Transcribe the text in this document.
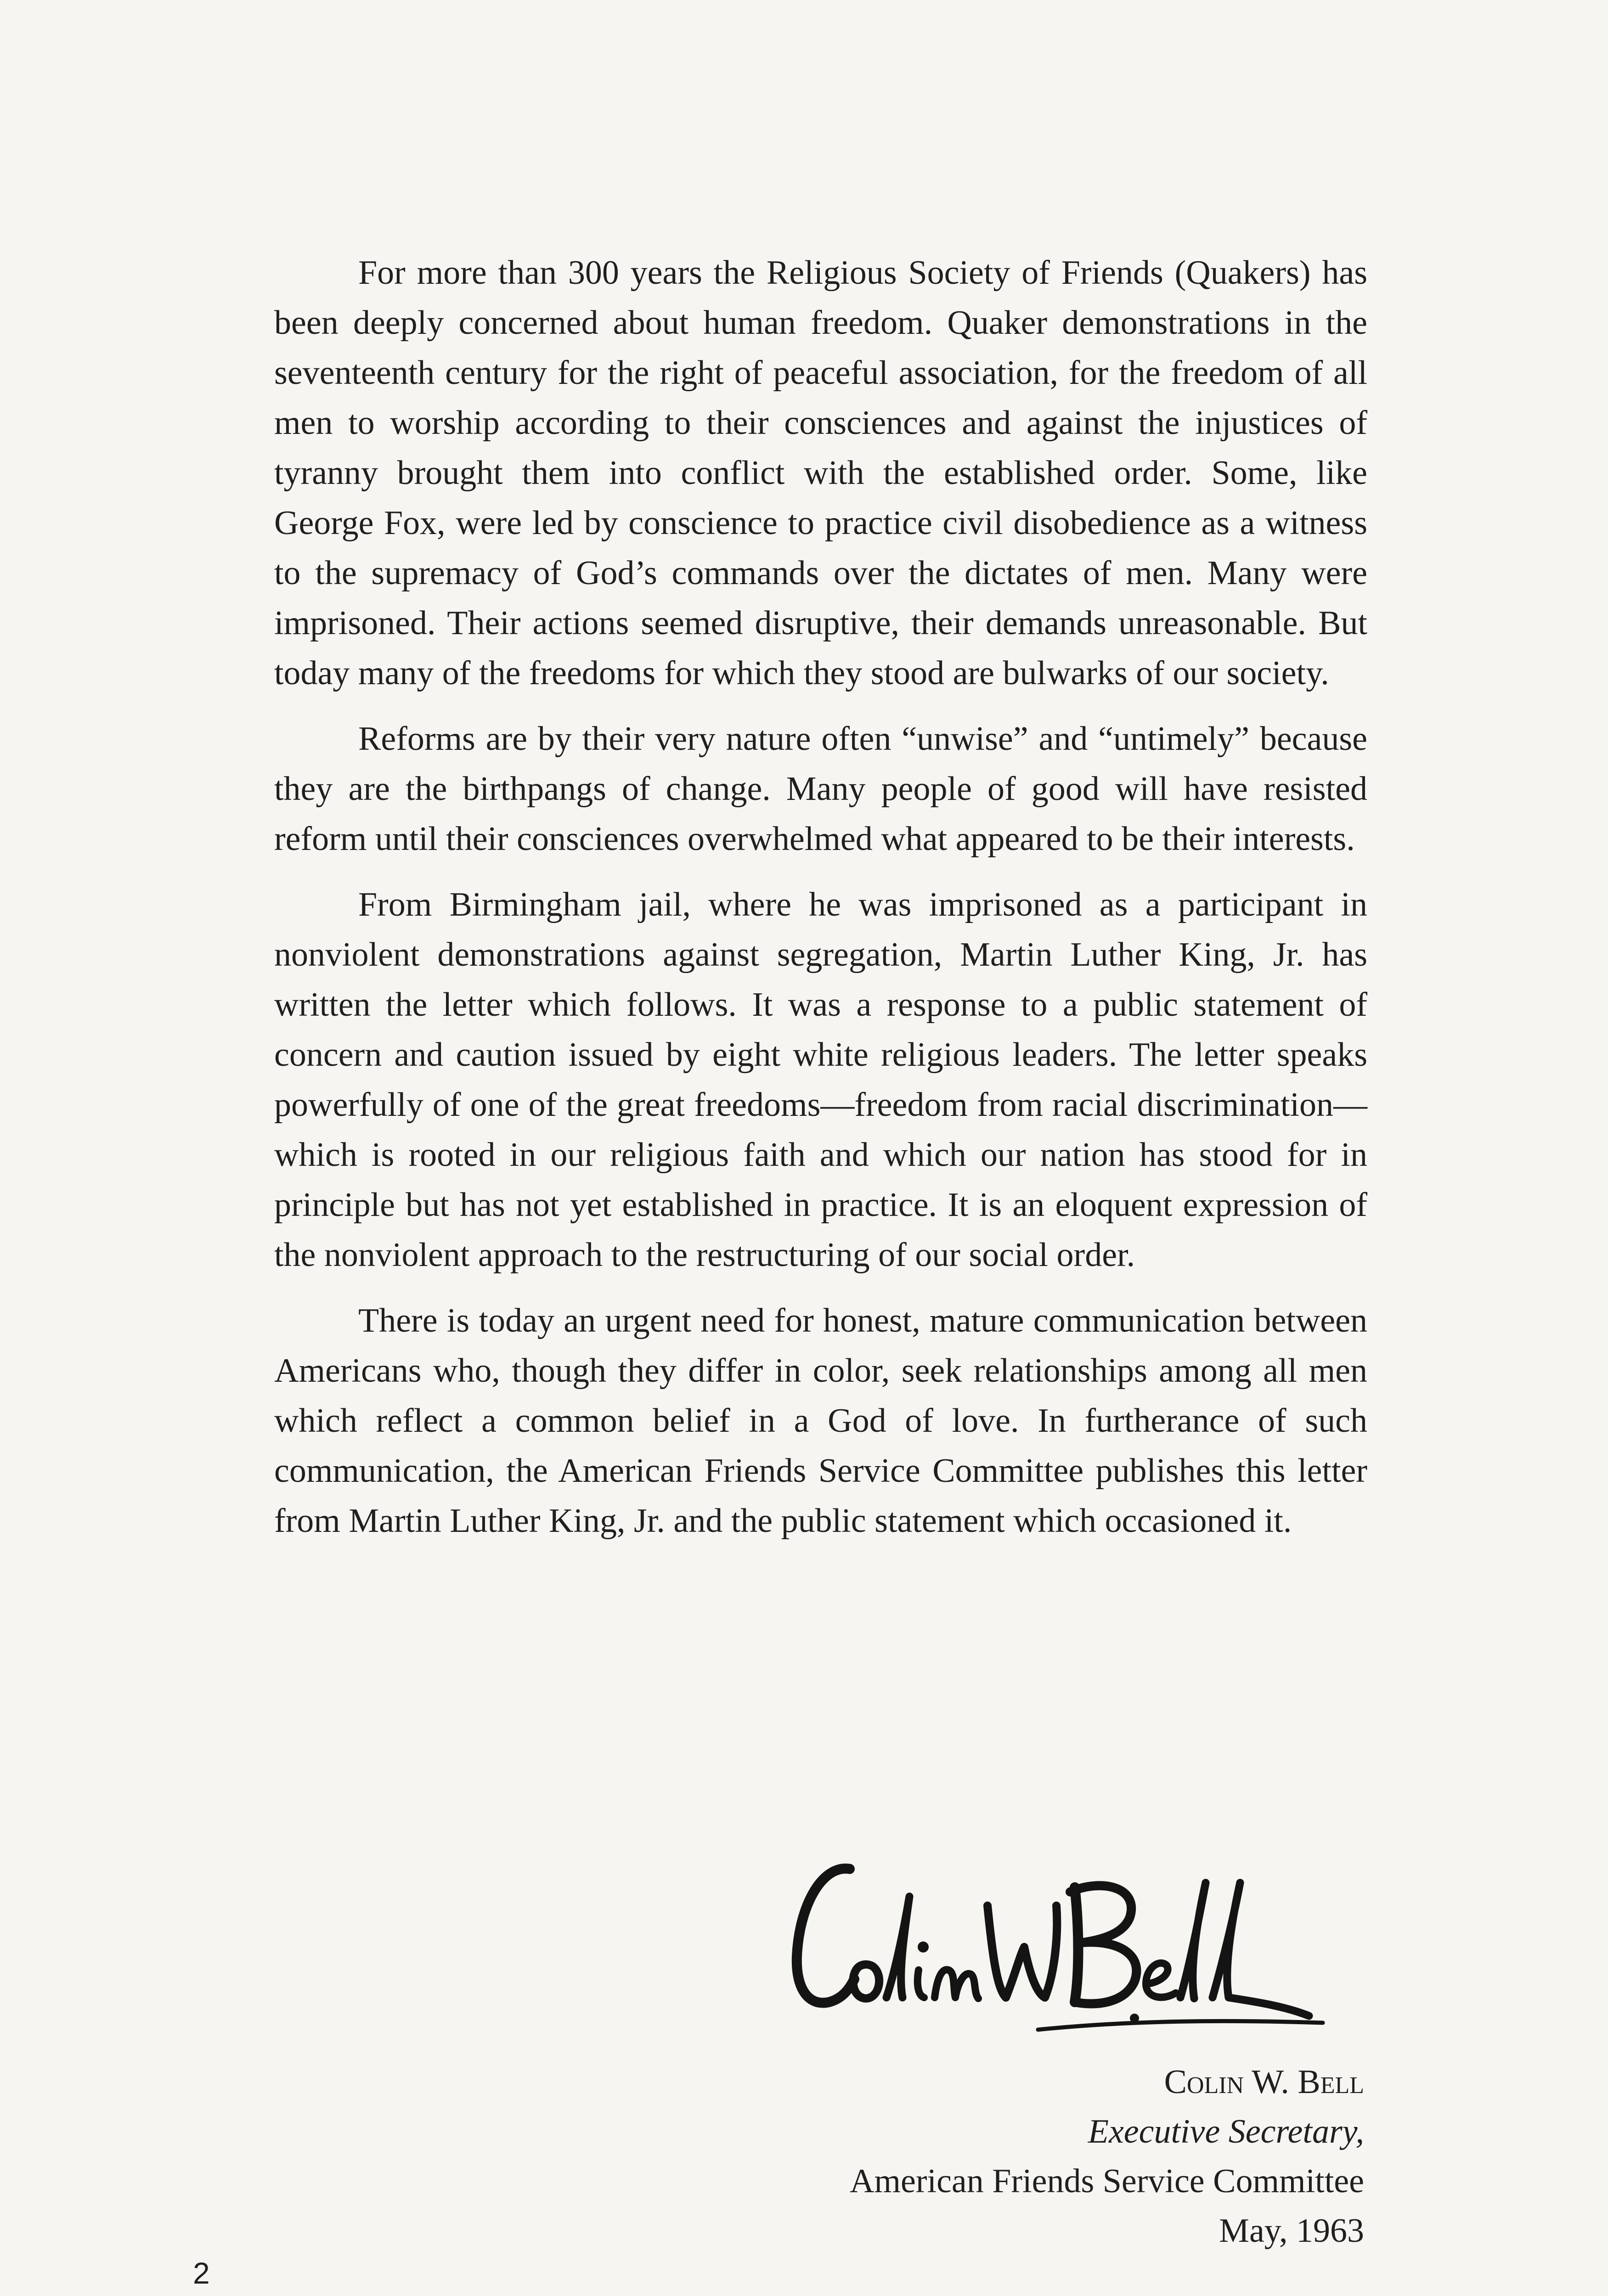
For more than 300 years the Religious Society of Friends (Quakers) has been deeply concerned about human freedom. Quaker demonstrations in the seventeenth century for the right of peaceful association, for the freedom of all men to worship according to their consciences and against the injustices of tyranny brought them into conflict with the established order. Some, like George Fox, were led by conscience to practice civil disobedience as a witness to the supremacy of God’s commands over the dictates of men. Many were imprisoned. Their actions seemed disruptive, their demands unreasonable. But today many of the freedoms for which they stood are bulwarks of our society.

Reforms are by their very nature often “unwise” and “untimely” because they are the birthpangs of change. Many people of good will have resisted reform until their consciences overwhelmed what appeared to be their interests.

From Birmingham jail, where he was imprisoned as a participant in nonviolent demonstrations against segregation, Martin Luther King, Jr. has written the letter which follows. It was a response to a public statement of concern and caution issued by eight white religious leaders. The letter speaks powerfully of one of the great freedoms—freedom from racial discrimination—which is rooted in our religious faith and which our nation has stood for in principle but has not yet established in practice. It is an eloquent expression of the nonviolent approach to the restructuring of our social order.

There is today an urgent need for honest, mature communication between Americans who, though they differ in color, seek relationships among all men which reflect a common belief in a God of love. In furtherance of such communication, the American Friends Service Committee publishes this letter from Martin Luther King, Jr. and the public statement which occasioned it.

Colin W. Bell
Executive Secretary,
American Friends Service Committee
May, 1963
2
